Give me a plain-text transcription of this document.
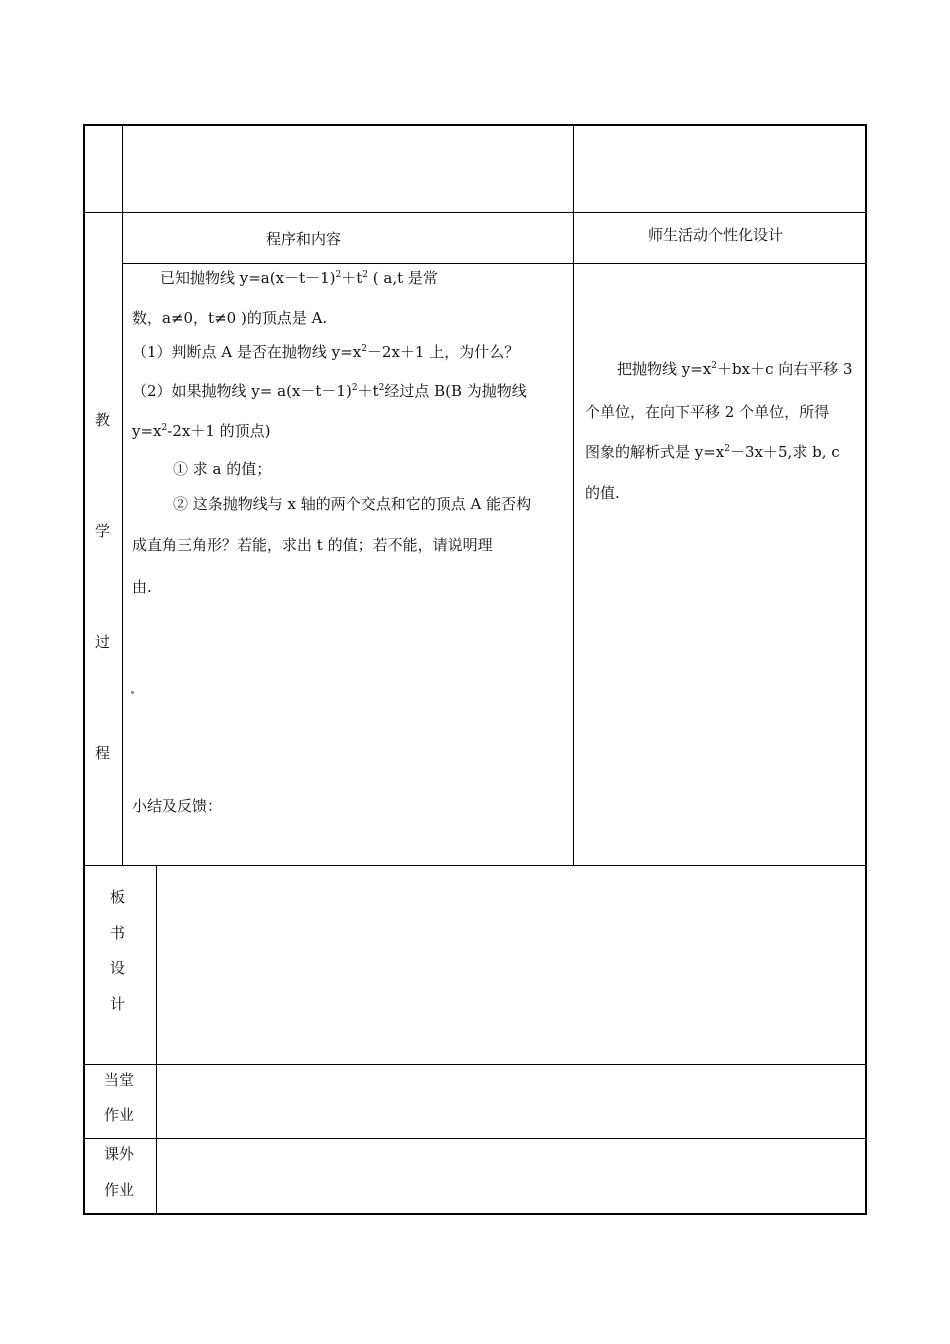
程序和内容	师生活动个性化设计
教
学
过
程
已知抛物线 $y=a(x-t-1)^2+t^2$ ( a,t 是常
数，a≠0，t≠0 )的顶点是 A.
（1）判断点 A 是否在抛物线 $y=x^2-2x+1$ 上，为什么？
（2）如果抛物线 $y= a(x-t-1)^2+t^2$经过点 B(B 为抛物线
$y=x^2-2x+1$ 的顶点)
① 求 a 的值；
② 这条抛物线与 x 轴的两个交点和它的顶点 A 能否构
成直角三角形？若能，求出 t 的值；若不能，请说明理
由.
小结及反馈：
把抛物线 $y=x^2+bx+c$ 向右平移 3
个单位，在向下平移 2 个单位，所得
图象的解析式是 $y=x^2-3x+5$,求 b, c
的值.
板
书
设
计
当堂
作业
课外
作业
